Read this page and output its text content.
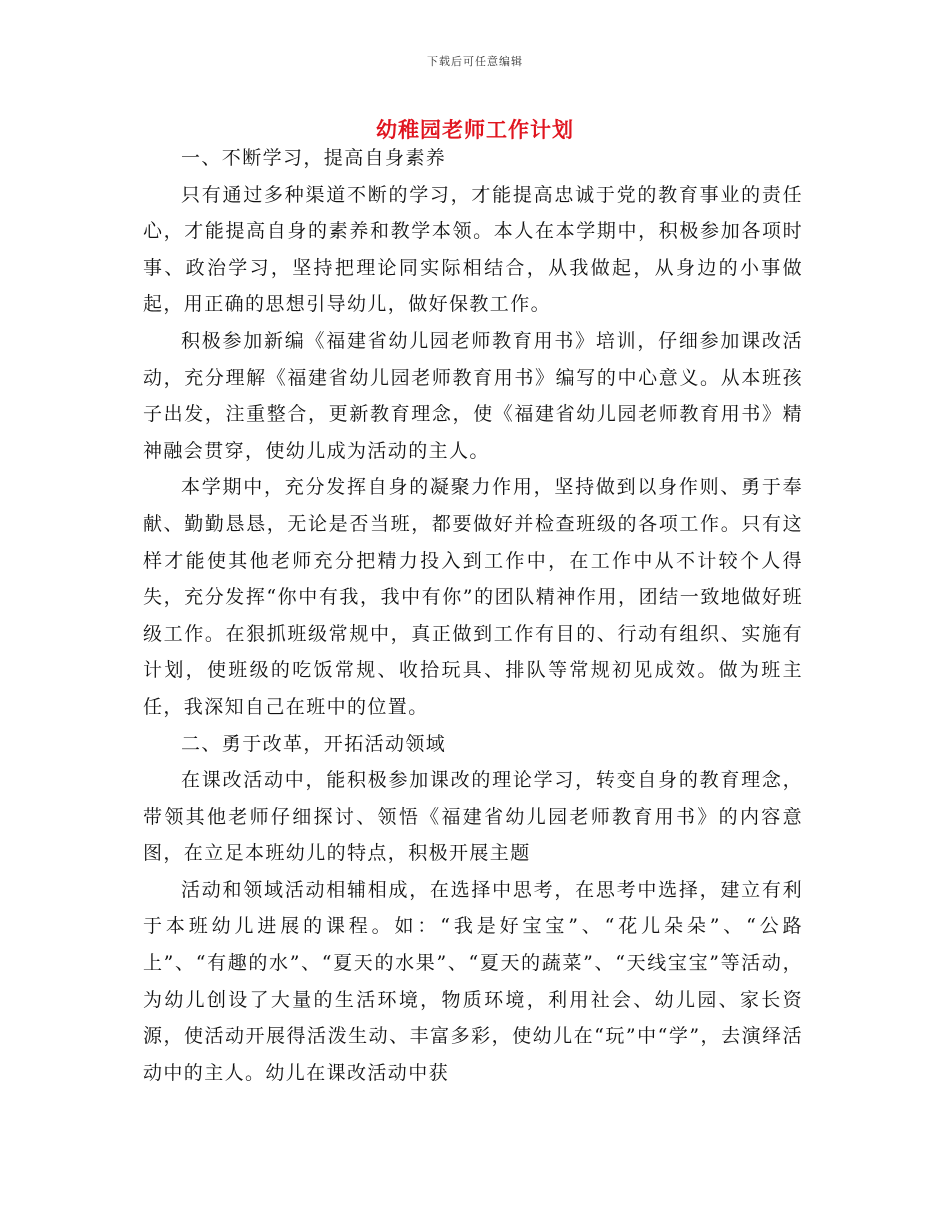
下载后可任意编辑
幼稚园老师工作计划

一、不断学习，提高自身素养

只有通过多种渠道不断的学习，才能提高忠诚于党的教育事业的责任心，才能提高自身的素养和教学本领。本人在本学期中，积极参加各项时事、政治学习，坚持把理论同实际相结合，从我做起，从身边的小事做起，用正确的思想引导幼儿，做好保教工作。

积极参加新编《福建省幼儿园老师教育用书》培训，仔细参加课改活动，充分理解《福建省幼儿园老师教育用书》编写的中心意义。从本班孩子出发，注重整合，更新教育理念，使《福建省幼儿园老师教育用书》精神融会贯穿，使幼儿成为活动的主人。

本学期中，充分发挥自身的凝聚力作用，坚持做到以身作则、勇于奉献、勤勤恳恳，无论是否当班，都要做好并检查班级的各项工作。只有这样才能使其他老师充分把精力投入到工作中，在工作中从不计较个人得失，充分发挥“你中有我，我中有你”的团队精神作用，团结一致地做好班级工作。在狠抓班级常规中，真正做到工作有目的、行动有组织、实施有计划，使班级的吃饭常规、收拾玩具、排队等常规初见成效。做为班主任，我深知自己在班中的位置。

二、勇于改革，开拓活动领域

在课改活动中，能积极参加课改的理论学习，转变自身的教育理念，带领其他老师仔细探讨、领悟《福建省幼儿园老师教育用书》的内容意图，在立足本班幼儿的特点，积极开展主题

活动和领域活动相辅相成，在选择中思考，在思考中选择，建立有利于本班幼儿进展的课程。如：“我是好宝宝”、“花儿朵朵”、“公路上”、“有趣的水”、“夏天的水果”、“夏天的蔬菜”、“天线宝宝”等活动，为幼儿创设了大量的生活环境，物质环境，利用社会、幼儿园、家长资源，使活动开展得活泼生动、丰富多彩，使幼儿在“玩”中“学”，去演绎活动中的主人。幼儿在课改活动中获
